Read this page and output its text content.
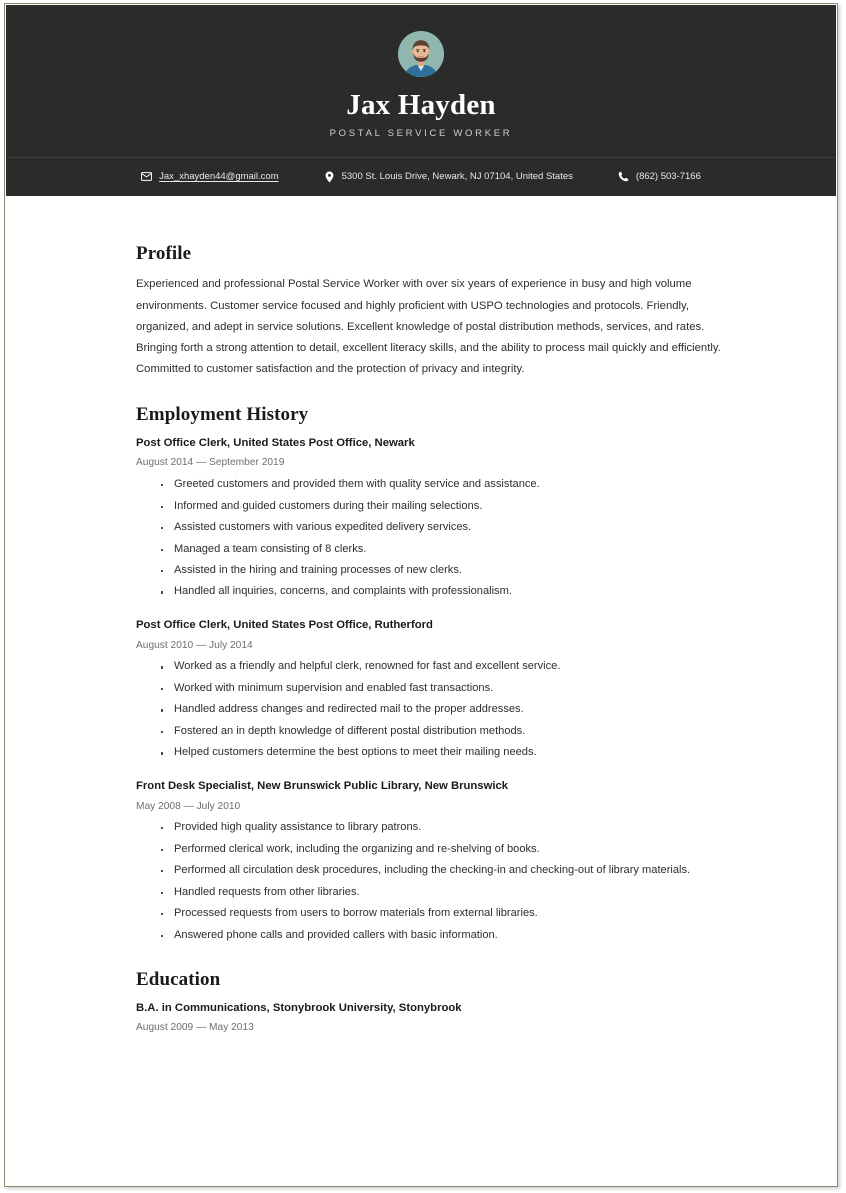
Jax Hayden

POSTAL SERVICE WORKER

Jax_xhayden44@gmail.com	5300 St. Louis Drive, Newark, NJ 07104, United States	(862) 503-7166
Profile

Experienced and professional Postal Service Worker with over six years of experience in busy and high volume environments. Customer service focused and highly proficient with USPO technologies and protocols. Friendly, organized, and adept in service solutions. Excellent knowledge of postal distribution methods, services, and rates. Bringing forth a strong attention to detail, excellent literacy skills, and the ability to process mail quickly and efficiently. Committed to customer satisfaction and the protection of privacy and integrity.

Employment History

Post Office Clerk, United States Post Office, Newark

August 2014 — September 2019

Greeted customers and provided them with quality service and assistance.
Informed and guided customers during their mailing selections.
Assisted customers with various expedited delivery services.
Managed a team consisting of 8 clerks.
Assisted in the hiring and training processes of new clerks.
Handled all inquiries, concerns, and complaints with professionalism.

Post Office Clerk, United States Post Office, Rutherford

August 2010 — July 2014

Worked as a friendly and helpful clerk, renowned for fast and excellent service.
Worked with minimum supervision and enabled fast transactions.
Handled address changes and redirected mail to the proper addresses.
Fostered an in depth knowledge of different postal distribution methods.
Helped customers determine the best options to meet their mailing needs.

Front Desk Specialist, New Brunswick Public Library, New Brunswick

May 2008 — July 2010

Provided high quality assistance to library patrons.
Performed clerical work, including the organizing and re-shelving of books.
Performed all circulation desk procedures, including the checking-in and checking-out of library materials.
Handled requests from other libraries.
Processed requests from users to borrow materials from external libraries.
Answered phone calls and provided callers with basic information.
Education

B.A. in Communications, Stonybrook University, Stonybrook

August 2009 — May 2013
